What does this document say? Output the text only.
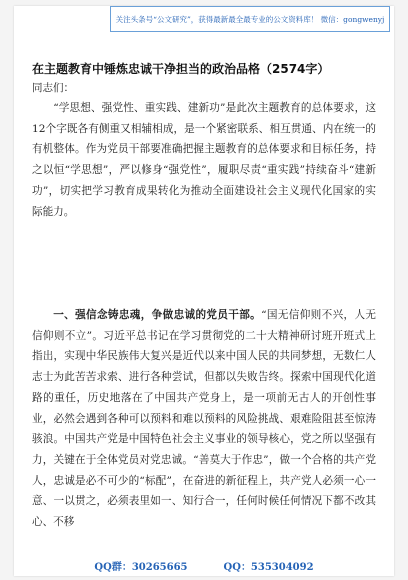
关注头条号“公文研究”，获得最新最全最专业的公文资料库！ 微信：gongwenyj
在主题教育中锤炼忠诚干净担当的政治品格（2574字）
同志们：

“学思想、强党性、重实践、建新功”是此次主题教育的总体要求，这12个字既各有侧重又相辅相成，是一个紧密联系、相互贯通、内在统一的有机整体。作为党员干部要准确把握主题教育的总体要求和目标任务，持之以恒“学思想”，严以修身“强党性”，履职尽责“重实践”持续奋斗“建新功”，切实把学习教育成果转化为推动全面建设社会主义现代化国家的实际能力。

一、强信念铸忠魂，争做忠诚的党员干部。“国无信仰则不兴，人无信仰则不立”。习近平总书记在学习贯彻党的二十大精神研讨班开班式上指出，实现中华民族伟大复兴是近代以来中国人民的共同梦想，无数仁人志士为此苦苦求索、进行各种尝试，但都以失败告终。探索中国现代化道路的重任，历史地落在了中国共产党身上，是一项前无古人的开创性事业，必然会遇到各种可以预料和难以预料的风险挑战、艰难险阻甚至惊涛骇浪。中国共产党是中国特色社会主义事业的领导核心，党之所以坚强有力，关键在于全体党员对党忠诚。“善莫大于作忠”，做一个合格的共产党人，忠诚是必不可少的“标配”，在奋进的新征程上，共产党人必须一心一意、一以贯之，必须表里如一、知行合一，任何时候任何情况下都不改其心、不移

QQ群：30265665	QQ：535304092
